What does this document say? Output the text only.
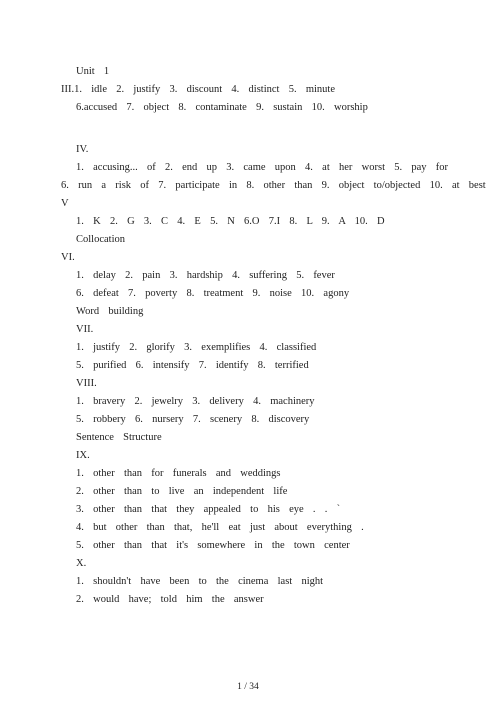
Unit  1
III.1.  idle  2.  justify  3.  discount  4.  distinct  5.  minute
6.accused  7.  object  8.  contaminate  9.  sustain  10.  worship
IV.
1.  accusing...  of  2.  end  up  3.  came  upon  4.  at  her  worst  5.  pay  for
6.  run  a  risk  of  7.  participate  in  8.  other  than  9.  object  to/objected  10.  at  best
V
1.  K  2.  G  3.  C  4.  E  5.  N  6.O  7.I  8.  L  9.  A  10.  D
Collocation
VI.
1.  delay  2.  pain  3.  hardship  4.  suffering  5.  fever
6.  defeat  7.  poverty  8.  treatment  9.  noise  10.  agony
Word  building
VII.
1.  justify  2.  glorify  3.  exemplifies  4.  classified
5.  purified  6.  intensify  7.  identify  8.  terrified
VIII.
1.  bravery  2.  jewelry  3.  delivery  4.  machinery
5.  robbery  6.  nursery  7.  scenery  8.  discovery
Sentence  Structure
IX.
1.  other  than  for  funerals  and  weddings
2.  other  than  to  live  an  independent  life
3.  other  than  that  they  appealed  to  his  eye  .  .  `
4.  but  other  than  that,  he'll  eat  just  about  everything  .
5.  other  than  that  it's  somewhere  in  the  town  center
X.
1.  shouldn't  have  been  to  the  cinema  last  night
2.  would  have;  told  him  the  answer
1 / 34
